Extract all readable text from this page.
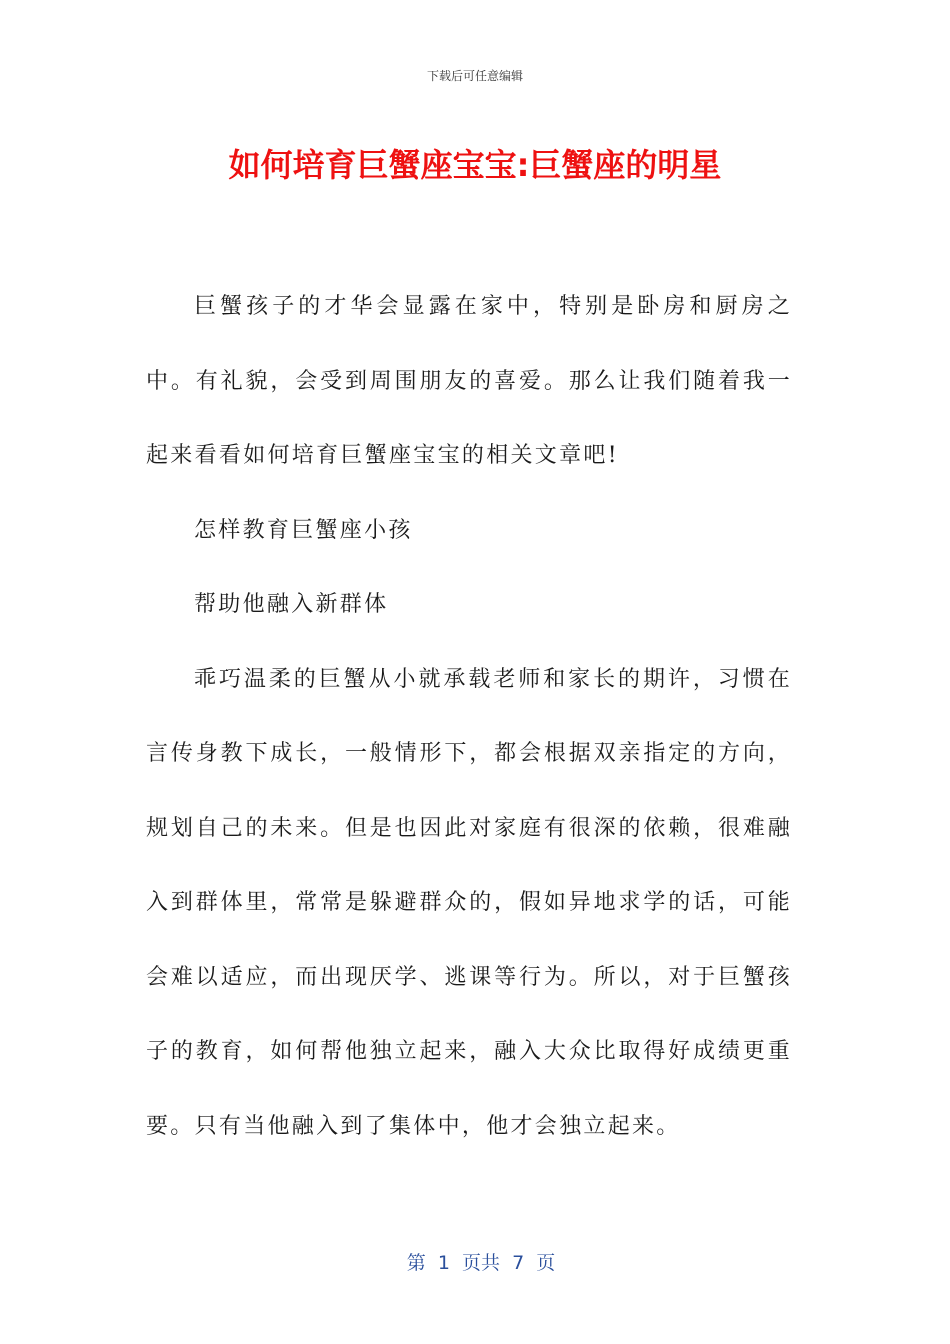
下载后可任意编辑
如何培育巨蟹座宝宝:巨蟹座的明星

巨蟹孩子的才华会显露在家中，特别是卧房和厨房之中。有礼貌，会受到周围朋友的喜爱。那么让我们随着我一起来看看如何培育巨蟹座宝宝的相关文章吧!

怎样教育巨蟹座小孩

帮助他融入新群体

乖巧温柔的巨蟹从小就承载老师和家长的期许，习惯在言传身教下成长，一般情形下，都会根据双亲指定的方向，规划自己的未来。但是也因此对家庭有很深的依赖，很难融入到群体里，常常是躲避群众的，假如异地求学的话，可能会难以适应，而出现厌学、逃课等行为。所以，对于巨蟹孩子的教育，如何帮他独立起来，融入大众比取得好成绩更重要。只有当他融入到了集体中，他才会独立起来。

第  1  页共  7  页
